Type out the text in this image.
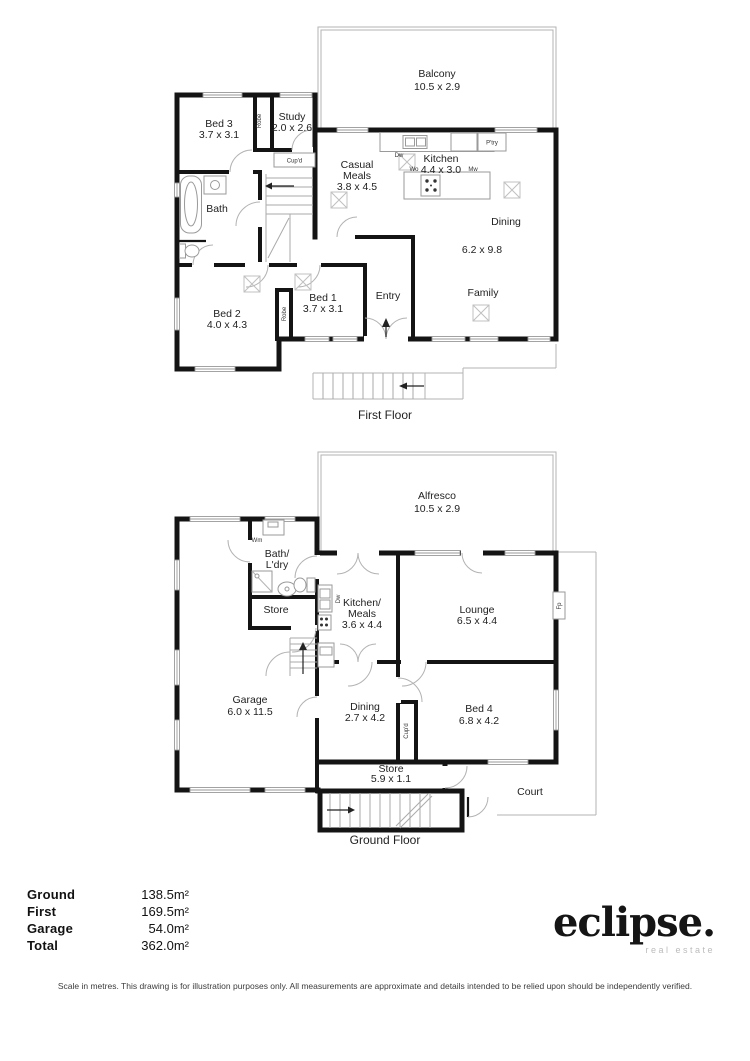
Balcony
10.5 x 2.9
Bed 3
3.7 x 3.1
Study
2.0 x 2.6
Robe
Cup'd	Casual
Meals
3.8 x 4.5
Kitchen
4.4 x 3.0
Dw
P'try
Wo	Mw
Dining
6.2 x 9.8
Family
Bath
Bed 2
4.0 x 4.3
Bed 1
3.7 x 3.1
Robe
Entry
First Floor
Alfresco
10.5 x 2.9
Bath/
L'dry
Wm
Store
Kitchen/
Meals
3.6 x 4.4
Dw
Lounge
6.5 x 4.4
Fp
Garage
6.0 x 11.5	Dining
2.7 x 4.2
Cup'd
Bed 4
6.8 x 4.2
Store
5.9 x 1.1
Court
Ground Floor
Ground	138.5m²
First	169.5m²
Garage	54.0m²
Total	362.0m²	eclipse.
real estate
Scale in metres. This drawing is for illustration purposes only. All measurements are approximate and details intended to be relied upon should be independently verified.
